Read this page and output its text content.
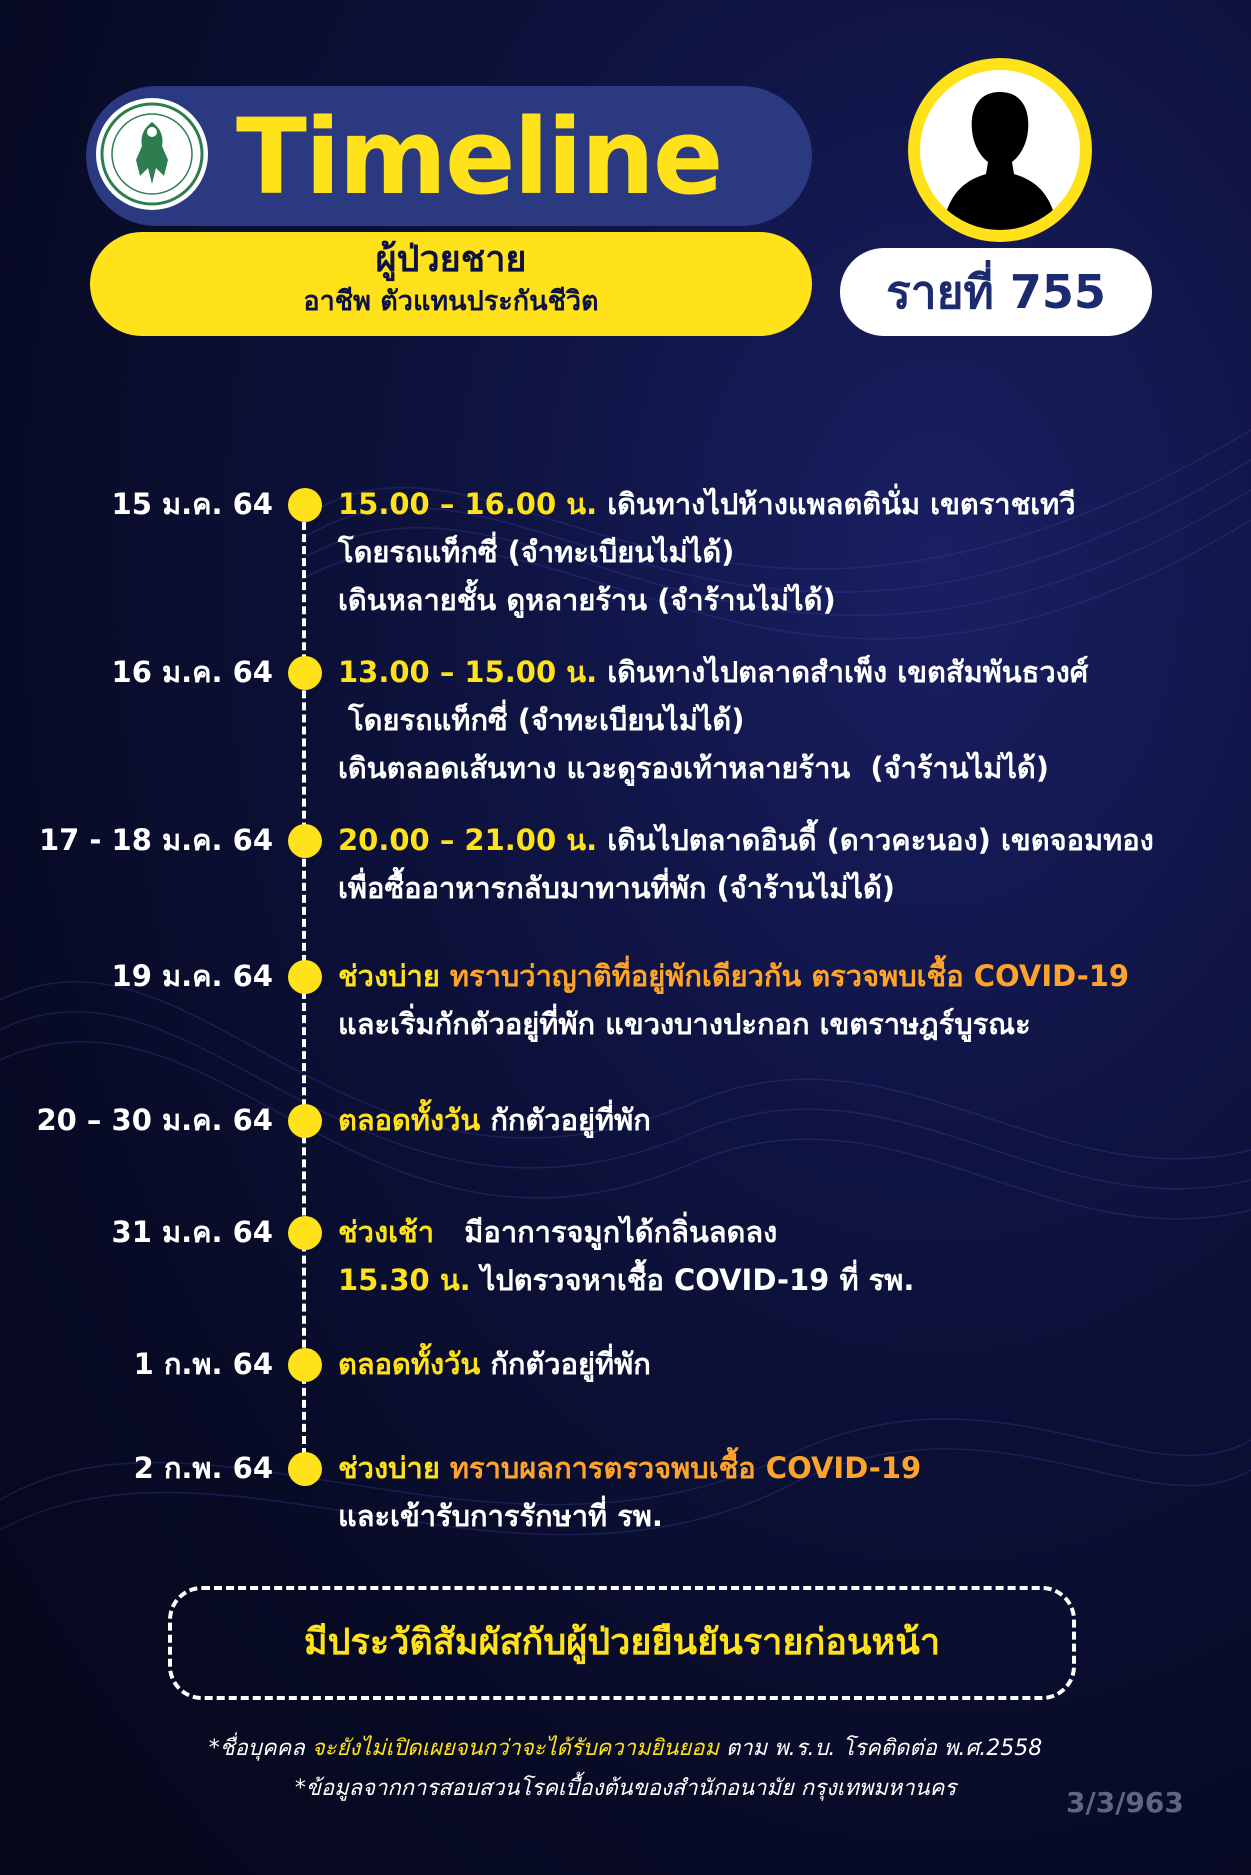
Timeline
ผู้ป่วยชาย
อาชีพ ตัวแทนประกันชีวิต	รายที่ 755
15 ม.ค. 64 15.00 – 16.00 น. เดินทางไปห้างแพลตตินั่ม เขตราชเทวี
โดยรถแท็กซี่ (จำทะเบียนไม่ได้)
เดินหลายชั้น ดูหลายร้าน (จำร้านไม่ได้)
16 ม.ค. 64 13.00 – 15.00 น. เดินทางไปตลาดสำเพ็ง เขตสัมพันธวงศ์
โดยรถแท็กซี่ (จำทะเบียนไม่ได้)
เดินตลอดเส้นทาง แวะดูรองเท้าหลายร้าน  (จำร้านไม่ได้)
17 - 18 ม.ค. 64 20.00 – 21.00 น. เดินไปตลาดอินดี้ (ดาวคะนอง) เขตจอมทอง
เพื่อซื้ออาหารกลับมาทานที่พัก (จำร้านไม่ได้)
19 ม.ค. 64 ช่วงบ่าย ทราบว่าญาติที่อยู่พักเดียวกัน ตรวจพบเชื้อ COVID-19
และเริ่มกักตัวอยู่ที่พัก แขวงบางปะกอก เขตราษฎร์บูรณะ
20 – 30 ม.ค. 64 ตลอดทั้งวัน กักตัวอยู่ที่พัก
31 ม.ค. 64 ช่วงเช้า   มีอาการจมูกได้กลิ่นลดลง
15.30 น. ไปตรวจหาเชื้อ COVID-19 ที่ รพ.
1 ก.พ. 64 ตลอดทั้งวัน กักตัวอยู่ที่พัก
2 ก.พ. 64 ช่วงบ่าย ทราบผลการตรวจพบเชื้อ COVID-19
และเข้ารับการรักษาที่ รพ.
มีประวัติสัมผัสกับผู้ป่วยยืนยันรายก่อนหน้า
*ชื่อบุคคล จะยังไม่เปิดเผยจนกว่าจะได้รับความยินยอม ตาม พ.ร.บ. โรคติดต่อ พ.ศ.2558
*ข้อมูลจากการสอบสวนโรคเบื้องต้นของสำนักอนามัย กรุงเทพมหานคร	3/3/963
